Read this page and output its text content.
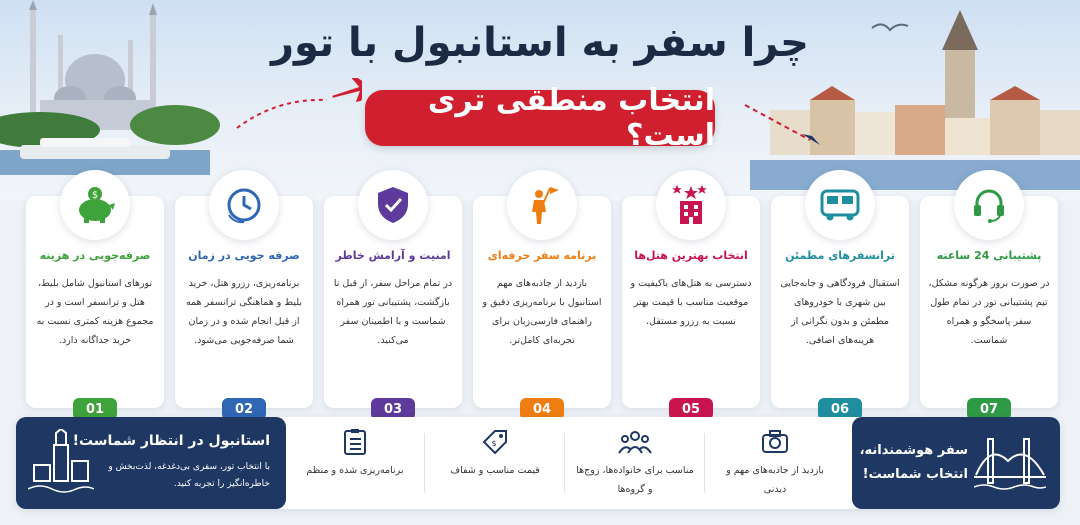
چرا سفر به استانبول با تور
انتخاب منطقی تری است؟
پشتیبانی 24 ساعته
در صورت بروز هرگونه مشکل، تیم پشتیبانی تور در تمام طول سفر پاسخگو و همراه شماست.
07
ترانسفرهای مطمئن
استقبال فرودگاهی و جابه‌جایی بین شهری با خودروهای مطمئن و بدون نگرانی از هزینه‌های اضافی.
06
انتخاب بهترین هتل‌ها
دسترسی به هتل‌های باکیفیت و موقعیت مناسب با قیمت بهتر نسبت به رزرو مستقل.
05
برنامه سفر حرفه‌ای
بازدید از جاذبه‌های مهم استانبول با برنامه‌ریزی دقیق و راهنمای فارسی‌زبان برای تجربه‌ای کامل‌تر.
04
امنیت و آرامش خاطر
در تمام مراحل سفر، از قبل تا بازگشت، پشتیبانی تور همراه شماست و با اطمینان سفر می‌کنید.
03
صرفه جویی در زمان
برنامه‌ریزی، رزرو هتل، خرید بلیط و هماهنگی ترانسفر همه از قبل انجام شده و در زمان شما صرفه‌جویی می‌شود.
02
$
صرفه‌جویی در هزینه
تورهای استانبول شامل بلیط، هتل و ترانسفر است و در مجموع هزینه کمتری نسبت به خرید جداگانه دارد.
01
سفر هوشمندانه، انتخاب شماست!
بازدید از جاذبه‌های مهم و دیدنی
مناسب برای خانواده‌ها، زوج‌ها و گروه‌ها
$
قیمت مناسب و شفاف
برنامه‌ریزی شده و منظم
استانبول در انتظار شماست!
با انتخاب تور، سفری بی‌دغدغه، لذت‌بخش و خاطره‌انگیز را تجربه کنید.
